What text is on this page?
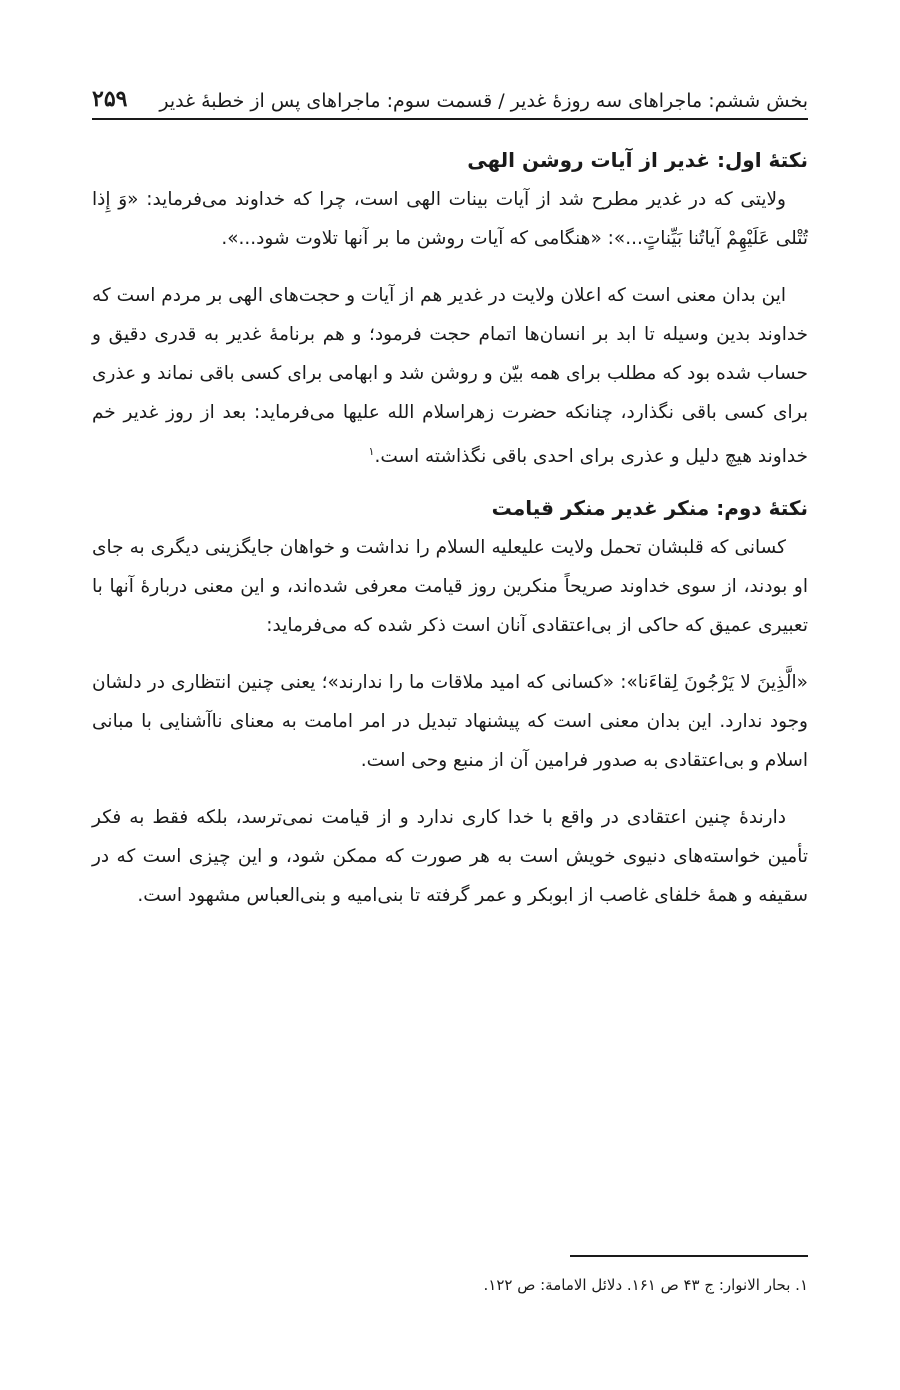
بخش ششم: ماجراهای سه روزهٔ غدیر / قسمت سوم: ماجراهای پس از خطبهٔ غدیر
۲۵۹
نکتهٔ اول: غدیر از آیات روشن الهی

ولایتی که در غدیر مطرح شد از آیات بینات الهی است، چرا که خداوند می‌فرماید: «وَ إِذا تُتْلی عَلَیْهِمْ آیاتُنا بَیِّناتٍ...»: «هنگامی که آیات روشن ما بر آنها تلاوت شود...».

این بدان معنی است که اعلان ولایت در غدیر هم از آیات و حجت‌های الهی بر مردم است که خداوند بدین وسیله تا ابد بر انسان‌ها اتمام حجت فرمود؛ و هم برنامهٔ غدیر به قدری دقیق و حساب شده بود که مطلب برای همه بیّن و روشن شد و ابهامی برای کسی باقی نماند و عذری برای کسی باقی نگذارد، چنانکه حضرت زهراسلام الله علیها می‌فرماید: بعد از روز غدیر خم خداوند هیچ دلیل و عذری برای احدی باقی نگذاشته است.$^۱$

نکتهٔ دوم: منکر غدیر منکر قیامت

کسانی که قلبشان تحمل ولایت علیعلیه السلام را نداشت و خواهان جایگزینی دیگری به جای او بودند، از سوی خداوند صریحاً منکرین روز قیامت معرفی شده‌اند، و این معنی دربارهٔ آنها با تعبیری عمیق که حاکی از بی‌اعتقادی آنان است ذکر شده که می‌فرماید:

«الَّذِینَ لا یَرْجُونَ لِقاءَنا»: «کسانی که امید ملاقات ما را ندارند»؛ یعنی چنین انتظاری در دلشان وجود ندارد. این بدان معنی است که پیشنهاد تبدیل در امر امامت به معنای ناآشنایی با مبانی اسلام و بی‌اعتقادی به صدور فرامین آن از منبع وحی است.

دارندهٔ چنین اعتقادی در واقع با خدا کاری ندارد و از قیامت نمی‌ترسد، بلکه فقط به فکر تأمین خواسته‌های دنیوی خویش است به هر صورت که ممکن شود، و این چیزی است که در سقیفه و همهٔ خلفای غاصب از ابوبکر و عمر گرفته تا بنی‌امیه و بنی‌العباس مشهود است.

۱. بحار الانوار: ج ۴۳ ص ۱۶۱. دلائل الامامة: ص ۱۲۲.
